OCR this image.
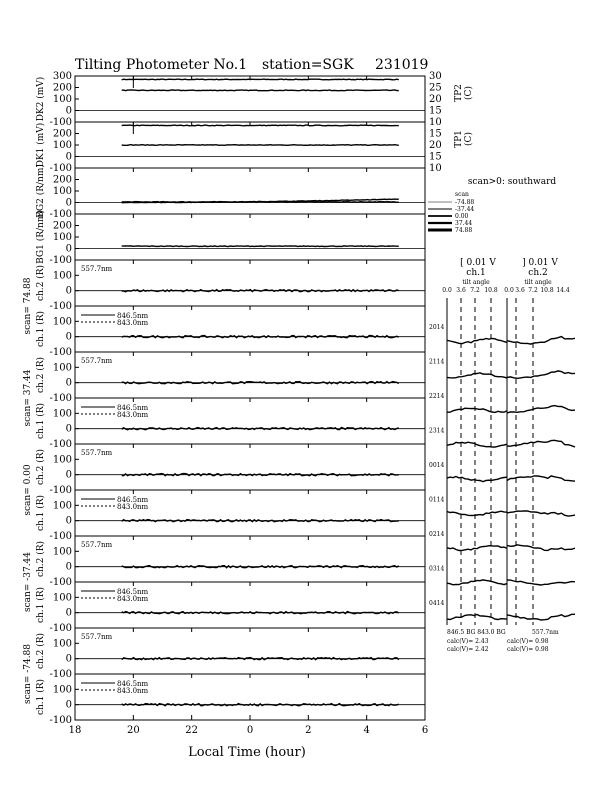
Tilting Photometer No.1 station=SGK 231019
300
200
100
0
-100
DK2 (mV)
200
100
0
-100
DK1 (mV)
200
100
0
-100
BG2 (R/nm)
200
100
0
-100
BG1 (R/nm)
100
0
-100
ch.2 (R)
scan= 74.88
557.7nm
100
0
-100
ch.1 (R)	846.5nm
843.0nm
100
0
-100
ch.2 (R)
scan= 37.44
557.7nm
100
0
-100
ch.1 (R)	846.5nm
843.0nm
100
0
-100
ch.2 (R)
scan= 0.00
557.7nm
100
0
-100
ch.1 (R)	846.5nm
843.0nm
100
0
-100
ch.2 (R)
scan= -37.44
557.7nm
100
0
-100
ch.1 (R)	846.5nm
843.0nm
100
0
-100
ch.2 (R)
scan= -74.88
557.7nm
100
0
-100
ch.1 (R)	846.5nm
843.0nm
30
25
20
15
10
TP2 (C)
15
20
15
10
TP1 (C)
18	20	22	0	2	4	6
scan>0: southward
scan
-74.88
-37.44
0.00
37.44
74.88
[ 0.01 V	] 0.01 V
ch.1	ch.2
tilt angle	tilt angle
0.0 3.6 7.2 10.8 0.0 3.6 7.2 10.8 14.4
2014
2114
2214
2314
0014
0114
0214
0314
0414
846.5 BG 843.0 BG	557.7nm
calc(V)= 2.43
calc(V)= 2.42
calc(V)= 0.98
calc(V)= 0.98
Local Time (hour)
